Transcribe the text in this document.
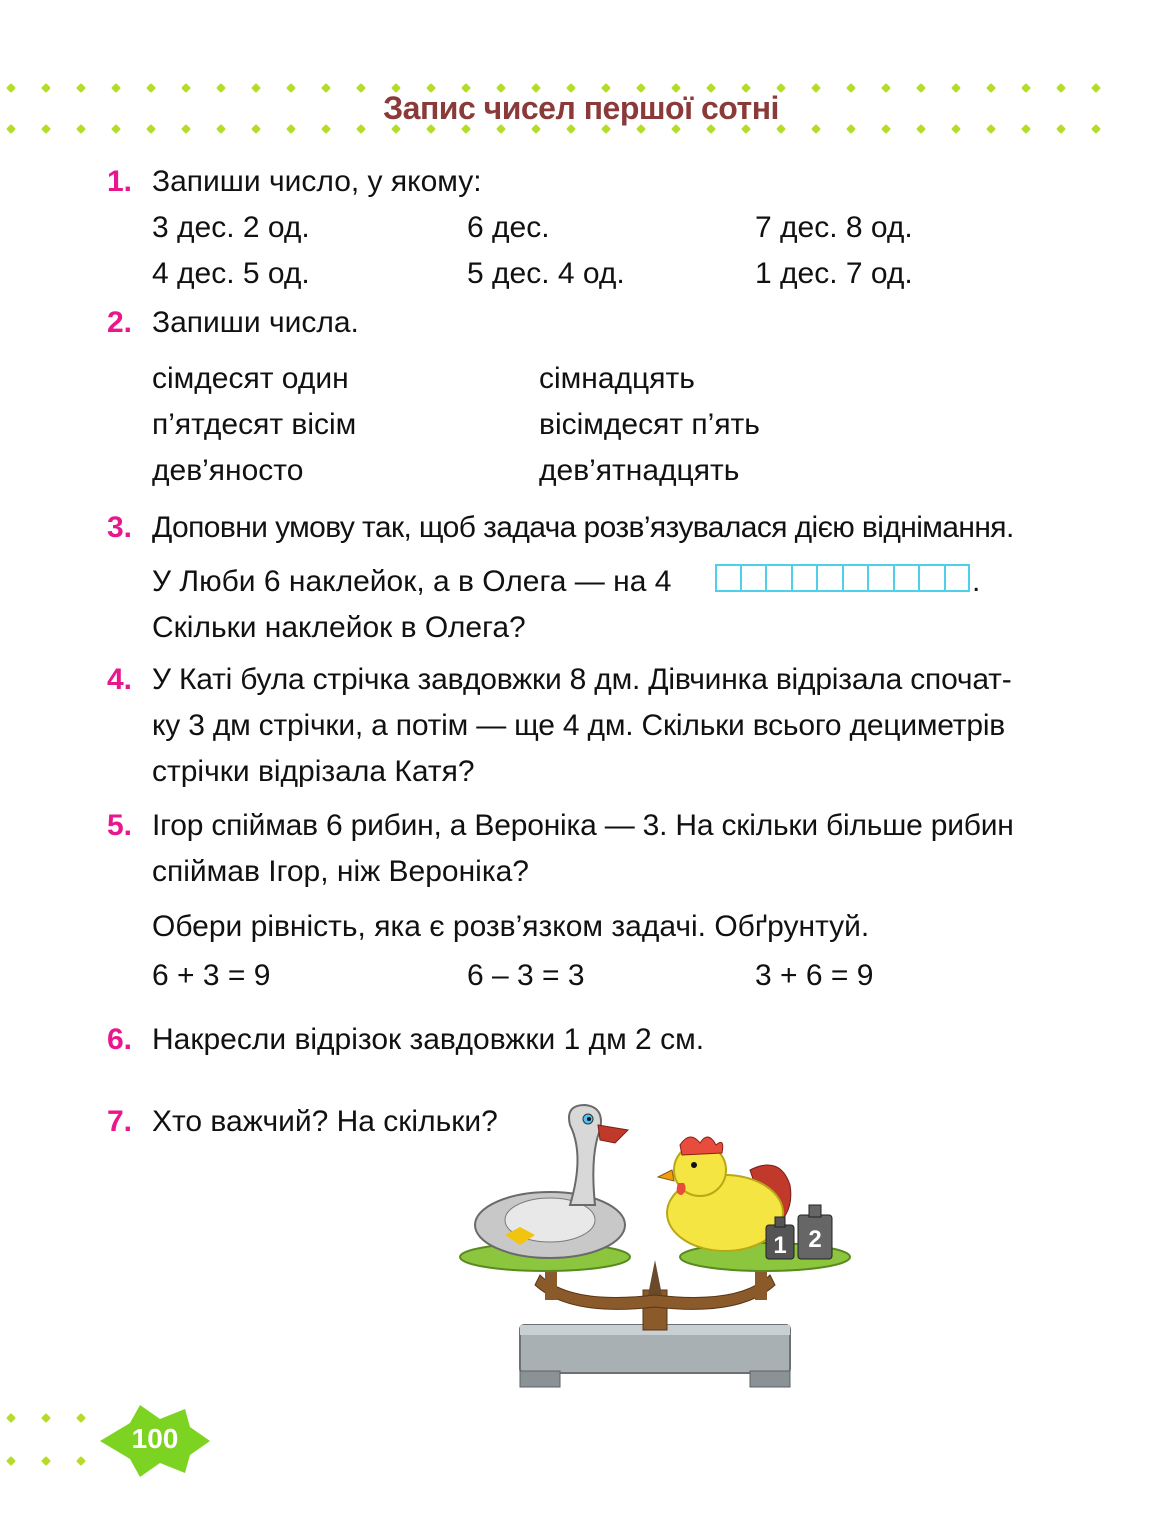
Запис чисел першої сотні
1. Запиши число, у якому:
3 дес. 2 од.	6 дес.	7 дес. 8 од.
4 дес. 5 од.	5 дес. 4 од.	1 дес. 7 од.
2. Запиши числа.
сімдесят один	сімнадцять
п’ятдесят вісім	вісімдесят п’ять
дев’яносто	дев’ятнадцять
3. Доповни умову так, щоб задача розв’язувалася дією віднімання.
У Люби 6 наклейок, а в Олега — на 4	.
Скільки наклейок в Олега?
4. У Каті була стрічка завдовжки 8 дм. Дівчинка відрізала спочат-
ку 3 дм стрічки, а потім — ще 4 дм. Скільки всього дециметрів
стрічки відрізала Катя?
5. Ігор спіймав 6 рибин, а Вероніка — 3. На скільки більше рибин
спіймав Ігор, ніж Вероніка?
Обери рівність, яка є розв’язком задачі. Обґрунтуй.
6 + 3 = 9	6 – 3 = 3	3 + 6 = 9
6. Накресли відрізок завдовжки 1 дм 2 см.
7. Хто важчий? На скільки?
1 2
100
